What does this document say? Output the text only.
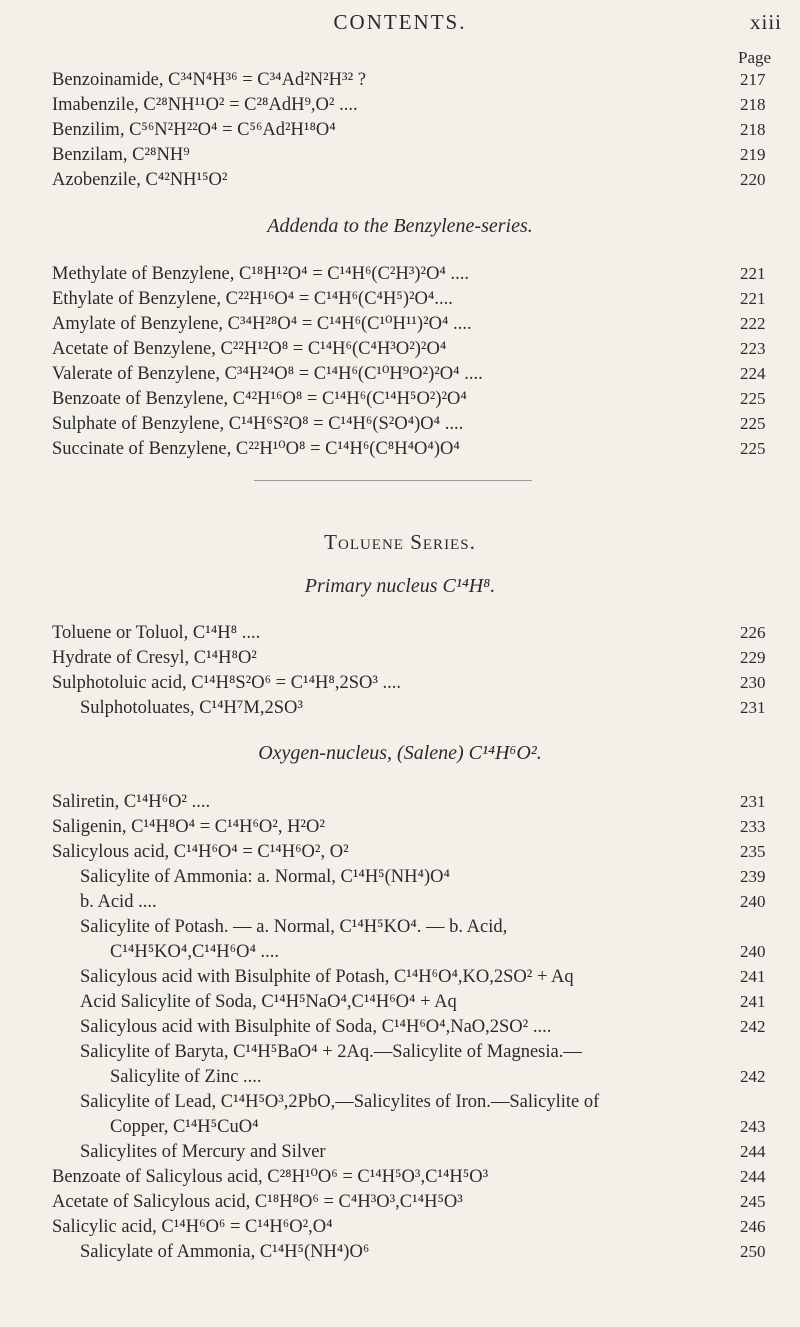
CONTENTS.	xiii
Page
Benzoinamide, C³⁴N⁴H³⁶ = C³⁴Ad²N²H³² ?	217
Imabenzile, C²⁸NH¹¹O² = C²⁸AdH⁹,O² ....	218
Benzilim, C⁵⁶N²H²²O⁴ = C⁵⁶Ad²H¹⁸O⁴	218
Benzilam, C²⁸NH⁹	219
Azobenzile, C⁴²NH¹⁵O²	220
Addenda to the Benzylene-series.
Methylate of Benzylene, C¹⁸H¹²O⁴ = C¹⁴H⁶(C²H³)²O⁴ ....	221
Ethylate of Benzylene, C²²H¹⁶O⁴ = C¹⁴H⁶(C⁴H⁵)²O⁴....	221
Amylate of Benzylene, C³⁴H²⁸O⁴ = C¹⁴H⁶(C¹⁰H¹¹)²O⁴ ....	222
Acetate of Benzylene, C²²H¹²O⁸ = C¹⁴H⁶(C⁴H³O²)²O⁴	223
Valerate of Benzylene, C³⁴H²⁴O⁸ = C¹⁴H⁶(C¹⁰H⁹O²)²O⁴ ....	224
Benzoate of Benzylene, C⁴²H¹⁶O⁸ = C¹⁴H⁶(C¹⁴H⁵O²)²O⁴	225
Sulphate of Benzylene, C¹⁴H⁶S²O⁸ = C¹⁴H⁶(S²O⁴)O⁴ ....	225
Succinate of Benzylene, C²²H¹⁰O⁸ = C¹⁴H⁶(C⁸H⁴O⁴)O⁴	225
Toluene Series.
Primary nucleus C¹⁴H⁸.
Toluene or Toluol, C¹⁴H⁸ ....	226
Hydrate of Cresyl, C¹⁴H⁸O²	229
Sulphotoluic acid, C¹⁴H⁸S²O⁶ = C¹⁴H⁸,2SO³ ....	230
Sulphotoluates, C¹⁴H⁷M,2SO³	231
Oxygen-nucleus, (Salene) C¹⁴H⁶O².
Saliretin, C¹⁴H⁶O² ....	231
Saligenin, C¹⁴H⁸O⁴ = C¹⁴H⁶O², H²O²	233
Salicylous acid, C¹⁴H⁶O⁴ = C¹⁴H⁶O², O²	235
Salicylite of Ammonia: a. Normal, C¹⁴H⁵(NH⁴)O⁴	239
b. Acid ....	240
Salicylite of Potash. — a. Normal, C¹⁴H⁵KO⁴. — b. Acid,
C¹⁴H⁵KO⁴,C¹⁴H⁶O⁴ ....	240
Salicylous acid with Bisulphite of Potash, C¹⁴H⁶O⁴,KO,2SO² + Aq	241
Acid Salicylite of Soda, C¹⁴H⁵NaO⁴,C¹⁴H⁶O⁴ + Aq	241
Salicylous acid with Bisulphite of Soda, C¹⁴H⁶O⁴,NaO,2SO² ....	242
Salicylite of Baryta, C¹⁴H⁵BaO⁴ + 2Aq.—Salicylite of Magnesia.—
Salicylite of Zinc ....	242
Salicylite of Lead, C¹⁴H⁵O³,2PbO,—Salicylites of Iron.—Salicylite of
Copper, C¹⁴H⁵CuO⁴	243
Salicylites of Mercury and Silver	244
Benzoate of Salicylous acid, C²⁸H¹⁰O⁶ = C¹⁴H⁵O³,C¹⁴H⁵O³	244
Acetate of Salicylous acid, C¹⁸H⁸O⁶ = C⁴H³O³,C¹⁴H⁵O³	245
Salicylic acid, C¹⁴H⁶O⁶ = C¹⁴H⁶O²,O⁴	246
Salicylate of Ammonia, C¹⁴H⁵(NH⁴)O⁶	250
